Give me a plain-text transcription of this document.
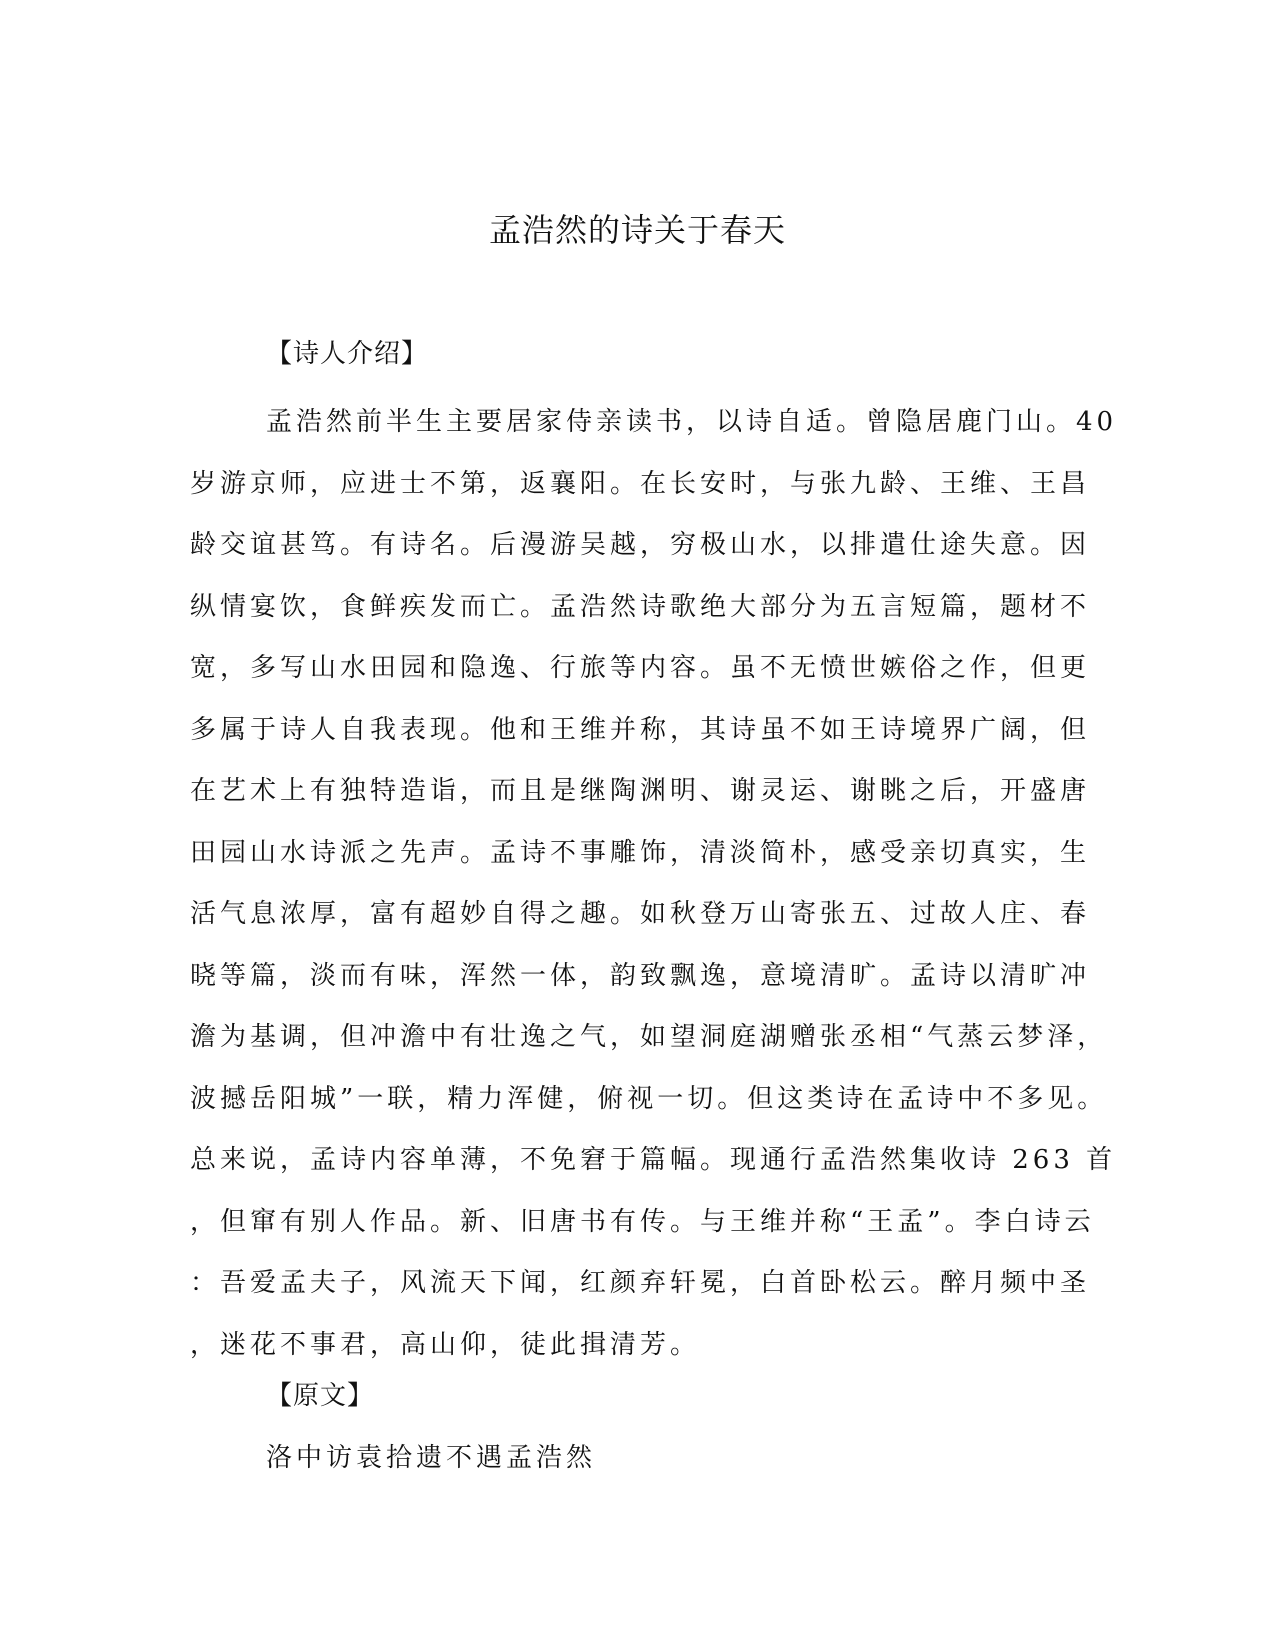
孟浩然的诗关于春天
【诗人介绍】
孟浩然前半生主要居家侍亲读书，以诗自适。曾隐居鹿门山。40
岁游京师，应进士不第，返襄阳。在长安时，与张九龄、王维、王昌
龄交谊甚笃。有诗名。后漫游吴越，穷极山水，以排遣仕途失意。因
纵情宴饮，食鲜疾发而亡。孟浩然诗歌绝大部分为五言短篇，题材不
宽，多写山水田园和隐逸、行旅等内容。虽不无愤世嫉俗之作，但更
多属于诗人自我表现。他和王维并称，其诗虽不如王诗境界广阔，但
在艺术上有独特造诣，而且是继陶渊明、谢灵运、谢眺之后，开盛唐
田园山水诗派之先声。孟诗不事雕饰，清淡简朴，感受亲切真实，生
活气息浓厚，富有超妙自得之趣。如秋登万山寄张五、过故人庄、春
晓等篇，淡而有味，浑然一体，韵致飘逸，意境清旷。孟诗以清旷冲
澹为基调，但冲澹中有壮逸之气，如望洞庭湖赠张丞相“气蒸云梦泽，
波撼岳阳城”一联，精力浑健，俯视一切。但这类诗在孟诗中不多见。
总来说，孟诗内容单薄，不免窘于篇幅。现通行孟浩然集收诗 263 首
，但窜有别人作品。新、旧唐书有传。与王维并称“王孟”。李白诗云
：吾爱孟夫子，风流天下闻，红颜弃轩冕，白首卧松云。醉月频中圣
，迷花不事君，高山仰，徒此揖清芳。
【原文】
洛中访袁拾遗不遇孟浩然
